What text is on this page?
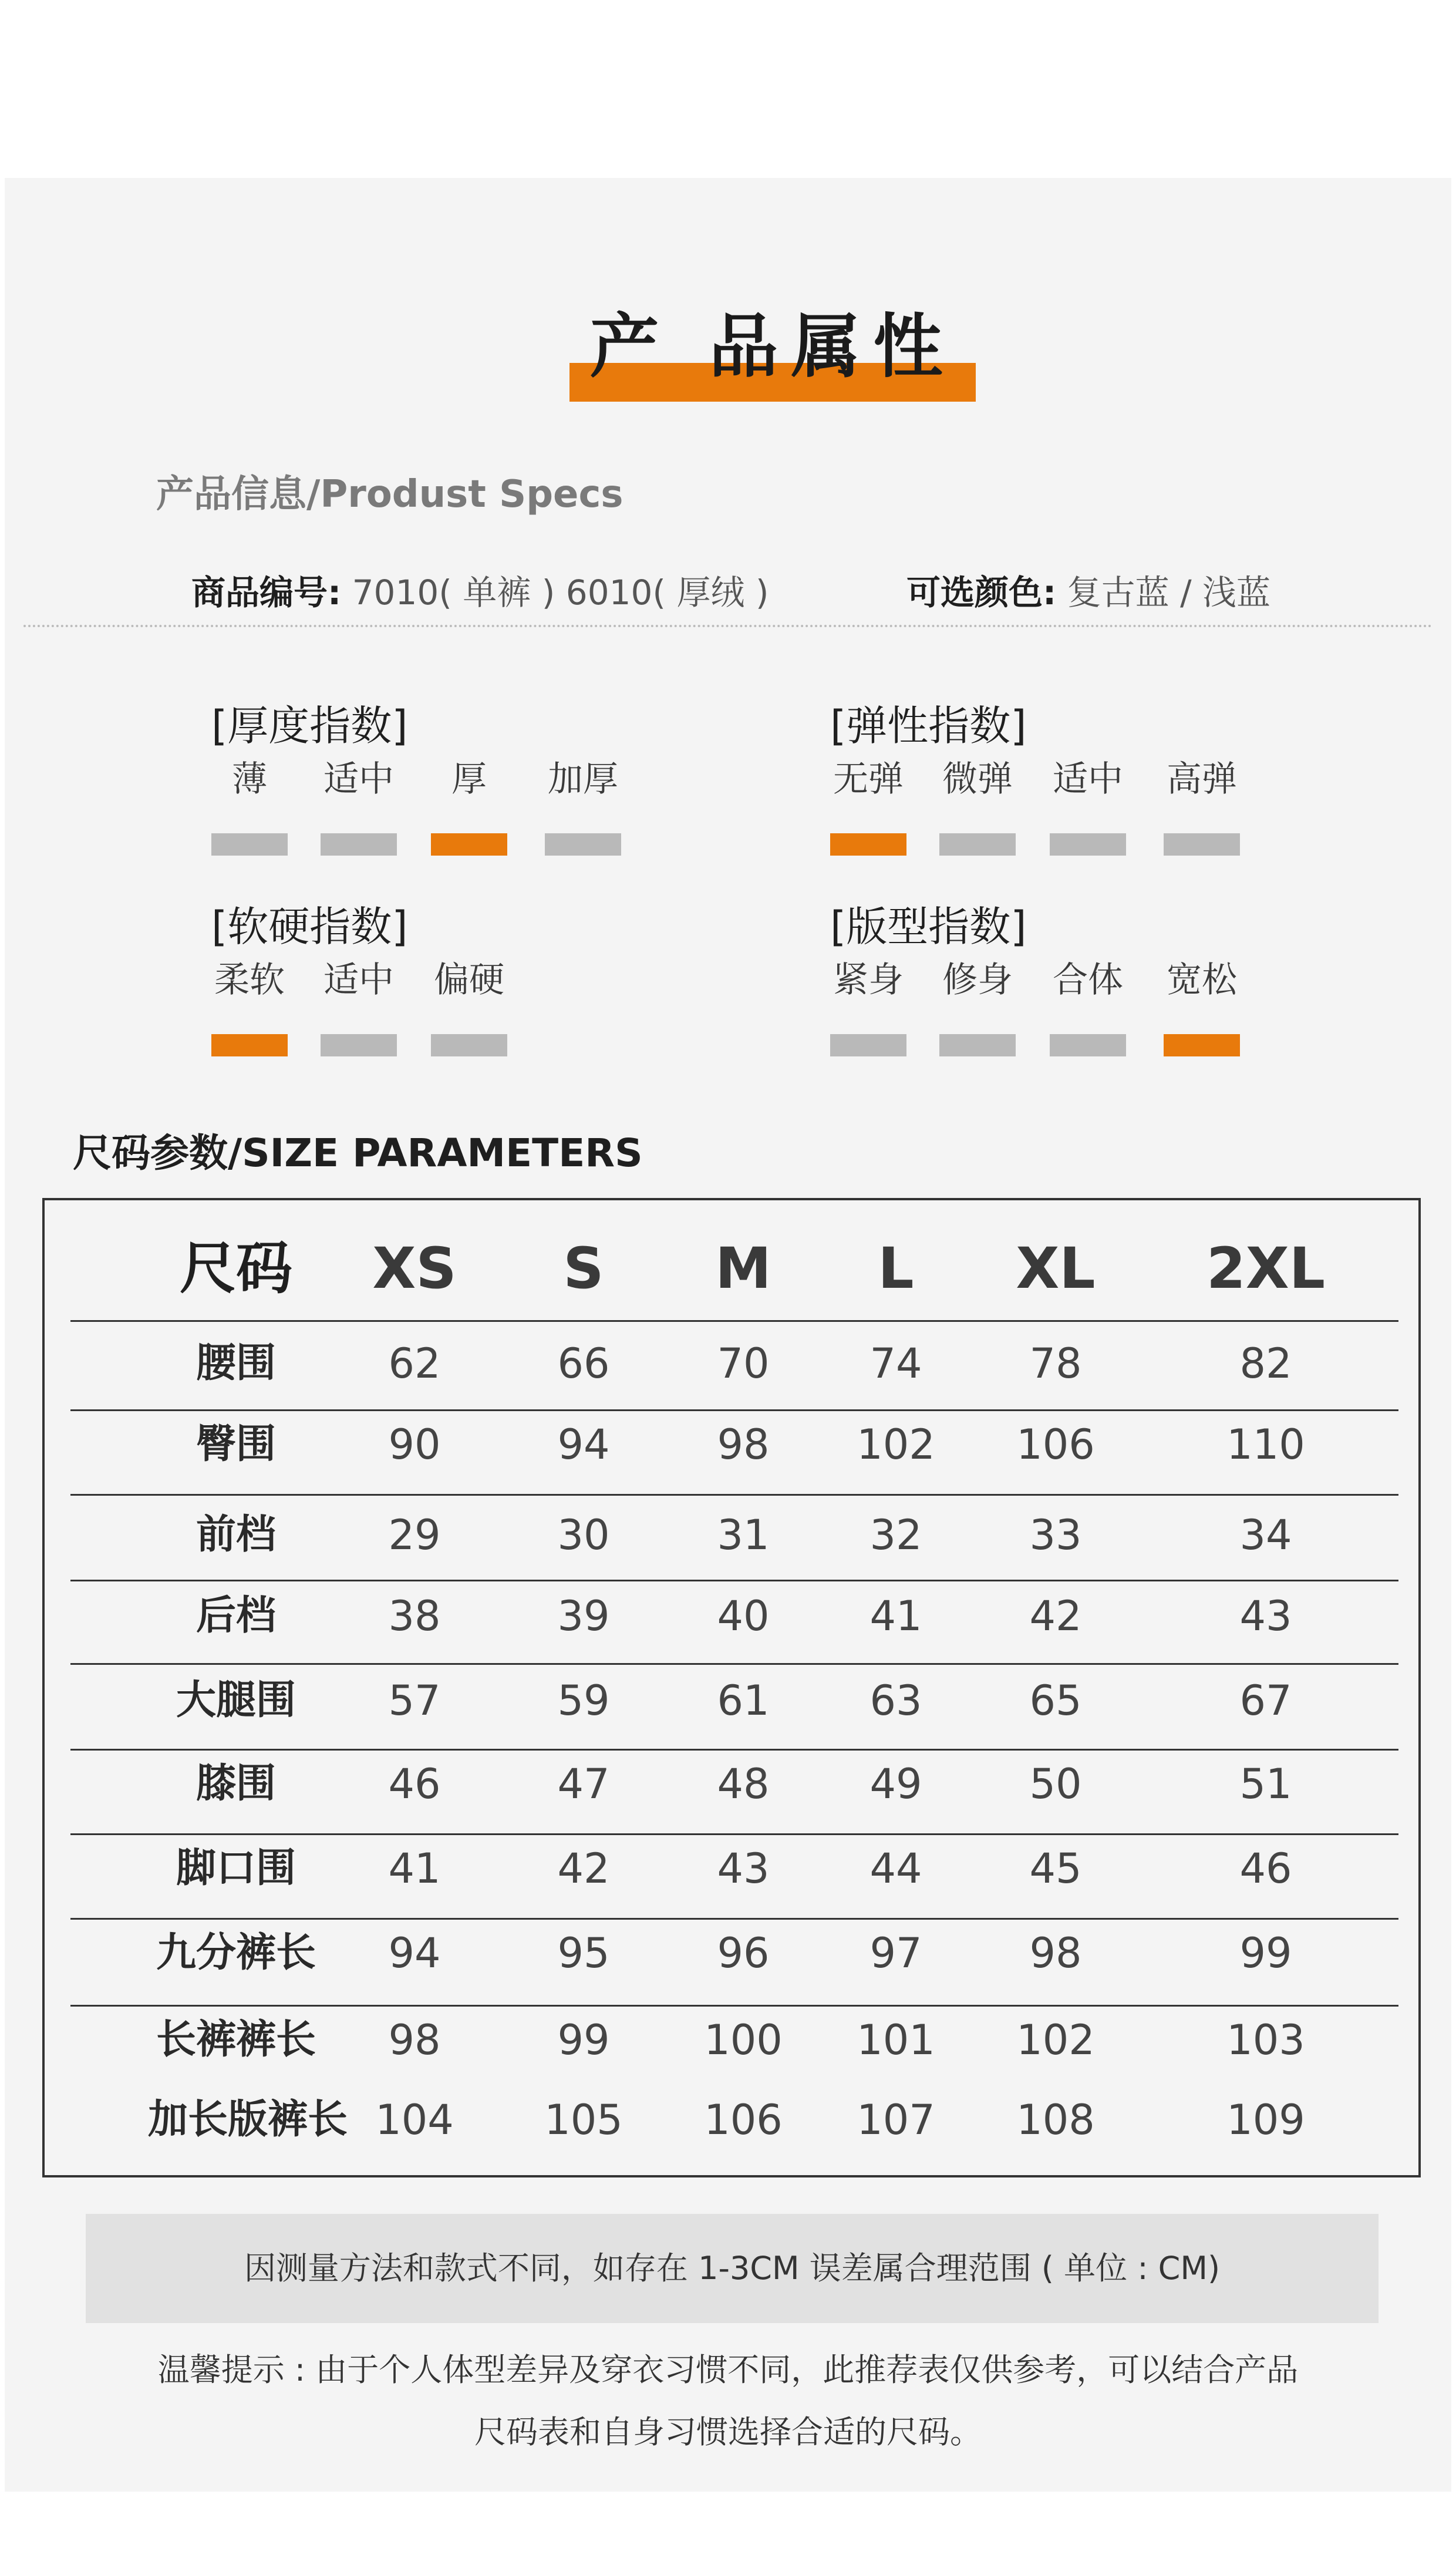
产 品属性
产品信息/Produst Specs
商品编号: 7010( 单裤 ) 6010( 厚绒 )	可选颜色: 复古蓝 / 浅蓝
[厚度指数]
薄	适中	厚	加厚
[弹性指数]
无弹 微弹 适中 高弹
[软硬指数]
柔软 适中 偏硬
[版型指数]
紧身 修身 合体 宽松
尺码参数/SIZE PARAMETERS
尺码	XS	S	M	L	XL	2XL
腰围	62	66	70	74	78	82
臀围	90	94	98	102	106	110
前档	29	30	31	32	33	34
后档	38	39	40	41	42	43
大腿围	57	59	61	63	65	67
膝围	46	47	48	49	50	51
脚口围	41	42	43	44	45	46
九分裤长	94	95	96	97	98	99
长裤裤长	98	99	100	101	102	103
加长版裤长 104	105	106	107	108	109
因测量方法和款式不同，如存在 1-3CM 误差属合理范围 ( 单位 : CM)
温馨提示 : 由于个人体型差异及穿衣习惯不同，此推荐表仅供参考，可以结合产品
尺码表和自身习惯选择合适的尺码。
